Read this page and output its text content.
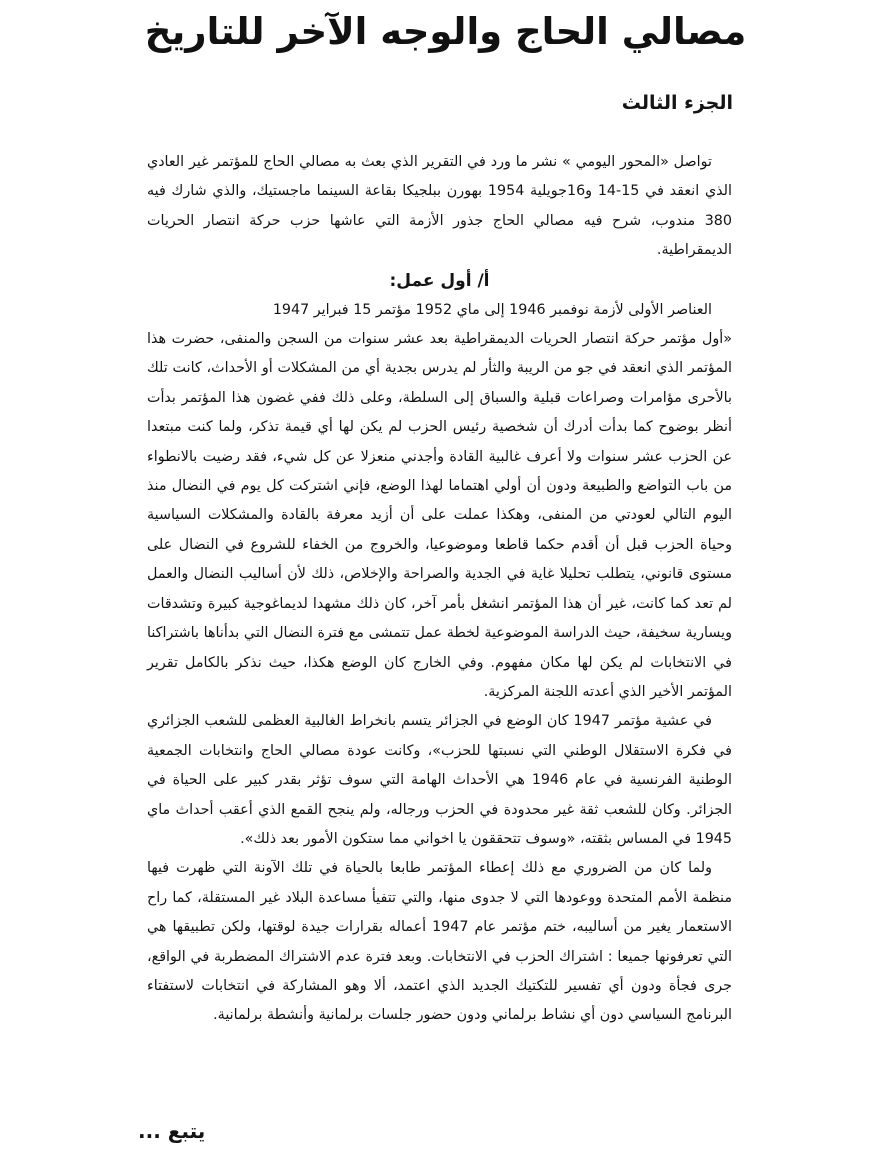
مصالي الحاج والوجه الآخر للتاريخ
الجزء الثالث

تواصل «المحور اليومي » نشر ما ورد في التقرير الذي بعث به مصالي الحاج للمؤتمر غير العادي الذي انعقد في 15-14 و16جويلية 1954 بهورن ببلجيكا بقاعة السينما ماجستيك، والذي شارك فيه 380 مندوب، شرح فيه مصالي الحاج جذور الأزمة التي عاشها حزب حركة انتصار الحريات الديمقراطية.

أ/ أول عمل:

العناصر الأولى لأزمة نوفمبر 1946 إلى ماي 1952 مؤتمر 15 فبراير 1947

«أول مؤتمر حركة انتصار الحريات الديمقراطية بعد عشر سنوات من السجن والمنفى، حضرت هذا المؤتمر الذي انعقد في جو من الريبة والثأر لم يدرس بجدية أي من المشكلات أو الأحداث، كانت تلك بالأحرى مؤامرات وصراعات قبلية والسباق إلى السلطة، وعلى ذلك ففي غضون هذا المؤتمر بدأت أنظر بوضوح كما بدأت أدرك أن شخصية رئيس الحزب لم يكن لها أي قيمة تذكر، ولما كنت مبتعدا عن الحزب عشر سنوات ولا أعرف غالبية القادة وأجدني منعزلا عن كل شيء، فقد رضيت بالانطواء من باب التواضع والطبيعة ودون أن أولي اهتماما لهذا الوضع، فإني اشتركت كل يوم في النضال منذ اليوم التالي لعودتي من المنفى، وهكذا عملت على أن أزيد معرفة بالقادة والمشكلات السياسية وحياة الحزب قبل أن أقدم حكما قاطعا وموضوعيا، والخروج من الخفاء للشروع في النضال على مستوى قانوني، يتطلب تحليلا غاية في الجدية والصراحة والإخلاص، ذلك لأن أساليب النضال والعمل لم تعد كما كانت، غير أن هذا المؤتمر انشغل بأمر آخر، كان ذلك مشهدا لديماغوجية كبيرة وتشدقات ويسارية سخيفة، حيث الدراسة الموضوعية لخطة عمل تتمشى مع فترة النضال التي بدأناها باشتراكنا في الانتخابات لم يكن لها مكان مفهوم. وفي الخارج كان الوضع هكذا، حيث نذكر بالكامل تقرير المؤتمر الأخير الذي أعدته اللجنة المركزية.

في عشية مؤتمر 1947 كان الوضع في الجزائر يتسم بانخراط الغالبية العظمى للشعب الجزائري في فكرة الاستقلال الوطني التي نسبتها للحزب»، وكانت عودة مصالي الحاج وانتخابات الجمعية الوطنية الفرنسية في عام 1946 هي الأحداث الهامة التي سوف تؤثر بقدر كبير على الحياة في الجزائر. وكان للشعب ثقة غير محدودة في الحزب ورجاله، ولم ينجح القمع الذي أعقب أحداث ماي 1945 في المساس بثقته، «وسوف تتحققون يا اخواني مما ستكون الأمور بعد ذلك».

ولما كان من الضروري مع ذلك إعطاء المؤتمر طابعا بالحياة في تلك الآونة التي ظهرت فيها منظمة الأمم المتحدة ووعودها التي لا جدوى منها، والتي تتفيأ مساعدة البلاد غير المستقلة، كما راح الاستعمار يغير من أساليبه، ختم مؤتمر عام 1947 أعماله بقرارات جيدة لوقتها، ولكن تطبيقها هي التي تعرفونها جميعا : اشتراك الحزب في الانتخابات. وبعد فترة عدم الاشتراك المضطربة في الواقع، جرى فجأة ودون أي تفسير للتكتيك الجديد الذي اعتمد، ألا وهو المشاركة في انتخابات لاستفتاء البرنامج السياسي دون أي نشاط برلماني ودون حضور جلسات برلمانية وأنشطة برلمانية.

يتبع ...
